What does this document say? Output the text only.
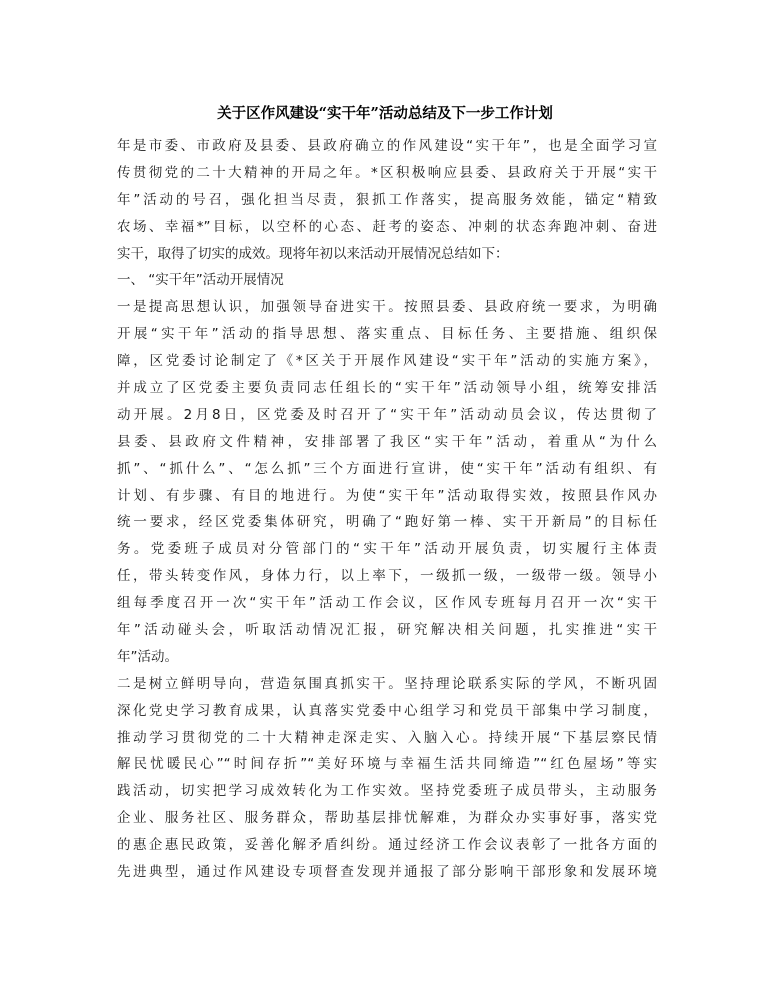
关于区作风建设“实干年”活动总结及下一步工作计划
年是市委、市政府及县委、县政府确立的作风建设“实干年”，也是全面学习宣
传贯彻党的二十大精神的开局之年。*区积极响应县委、县政府关于开展“实干
年”活动的号召，强化担当尽责，狠抓工作落实，提高服务效能，锚定“精致
农场、幸福*”目标，以空杯的心态、赶考的姿态、冲刺的状态奔跑冲刺、奋进
实干，取得了切实的成效。现将年初以来活动开展情况总结如下：
一、 “实干年”活动开展情况
一是提高思想认识，加强领导奋进实干。按照县委、县政府统一要求，为明确
开展“实干年”活动的指导思想、落实重点、目标任务、主要措施、组织保
障，区党委讨论制定了《*区关于开展作风建设“实干年”活动的实施方案》，
并成立了区党委主要负责同志任组长的“实干年”活动领导小组，统筹安排活
动开展。2月8日，区党委及时召开了“实干年”活动动员会议，传达贯彻了
县委、县政府文件精神，安排部署了我区“实干年”活动，着重从“为什么
抓”、“抓什么”、“怎么抓”三个方面进行宣讲，使“实干年”活动有组织、有
计划、有步骤、有目的地进行。为使“实干年”活动取得实效，按照县作风办
统一要求，经区党委集体研究，明确了“跑好第一棒、实干开新局”的目标任
务。党委班子成员对分管部门的“实干年”活动开展负责，切实履行主体责
任，带头转变作风，身体力行，以上率下，一级抓一级，一级带一级。领导小
组每季度召开一次“实干年”活动工作会议，区作风专班每月召开一次“实干
年”活动碰头会，听取活动情况汇报，研究解决相关问题，扎实推进“实干
年”活动。
二是树立鲜明导向，营造氛围真抓实干。坚持理论联系实际的学风，不断巩固
深化党史学习教育成果，认真落实党委中心组学习和党员干部集中学习制度，
推动学习贯彻党的二十大精神走深走实、入脑入心。持续开展“下基层察民情
解民忧暖民心”“时间存折”“美好环境与幸福生活共同缔造”“红色屋场”等实
践活动，切实把学习成效转化为工作实效。坚持党委班子成员带头，主动服务
企业、服务社区、服务群众，帮助基层排忧解难，为群众办实事好事，落实党
的惠企惠民政策，妥善化解矛盾纠纷。通过经济工作会议表彰了一批各方面的
先进典型，通过作风建设专项督查发现并通报了部分影响干部形象和发展环境
